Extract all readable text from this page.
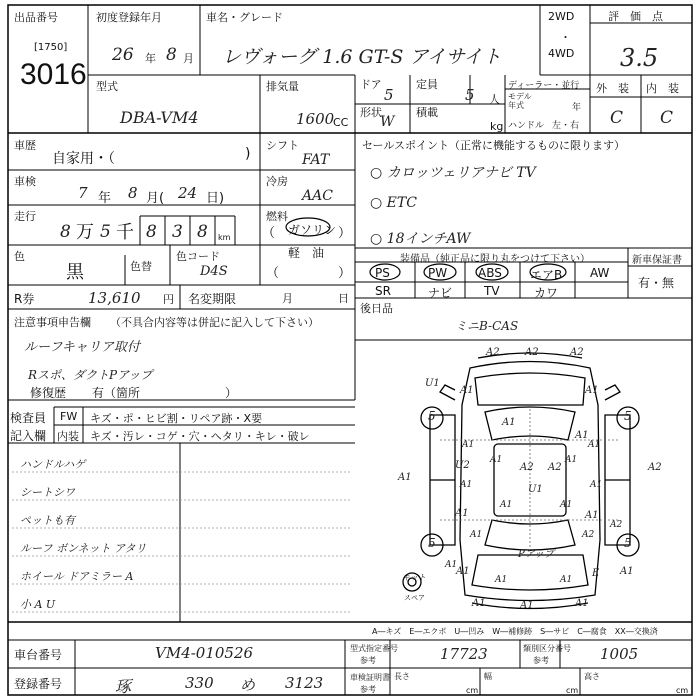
出品番号
[1750]
3016
初度登録年月
26 年 8 月
車名・グレード
レヴォーグ 1.6 GT-S アイサイト
2WD
・
4WD
評　価　点
3.5
型式
DBA-VM4
排気量
1600
CC
ドア
5
定員
5 人
形状
W
積載
kg
ディーラー・並行
モデル年式	年
ハンドル 左・右
外　装 内　装
C C
車歴
自家用・（	)
シフト
FAT
車検
7 年 8 月( 24 日)
冷房
AAC
走行
8 万 5 千 8 3 8 km
燃料
（ ガソリン ）
軽　油
（	）
色
黒	色替
色コード
D4S
R券	13,610 円 名変期限	月	日
セールスポイント（正常に機能するものに限ります）
○ カロッツェリアナビ TV
○ ETC
○ 18インチAW
装備品（純正品に限り丸をつけて下さい）
PS	PW	ABS エアB AW
SR	ナビ	TV	カワ
新車保証書
有・無
後日品
ミニB-CAS
注意事項申告欄 （不具合内容等は併記に記入して下さい）
ルーフキャリア取付
Rスポ、ダクトPアップ
修復歴 有（箇所	）
検査員
記入欄
FW キズ・ポ・ヒビ割・リペア跡・X要
内装 キズ・汚レ・コゲ・穴・ヘタリ・キレ・破レ
ハンドルハゲ
シートシワ
ペットも有
ルーフ ボンネット アタリ
ホイール ドアミラー A
小 A U
A2	A2	A2
U1
A1	A1
5	5
5	5
A1
A1
U2	A2 A2	A2
U1
A1
A1	A1
Pアップ
A1	E
A1	A1	A1
A1
キット
スペア
A―キズ　E―エクボ　U―凹み　W―補修跡　S―サビ　C―腐食　XX―交換済
車台番号	VM4-010526
登録番号	琢	330 め 3123
型式指定番号
参考	17723	類別区分番号
参考	1005
車検証明書
参考
長さ
cm
幅
cm
高さ
cm
A1	A1
A1	A1
A1	A2
A1
A2
A1	A1
A1	A1
A1	A1
